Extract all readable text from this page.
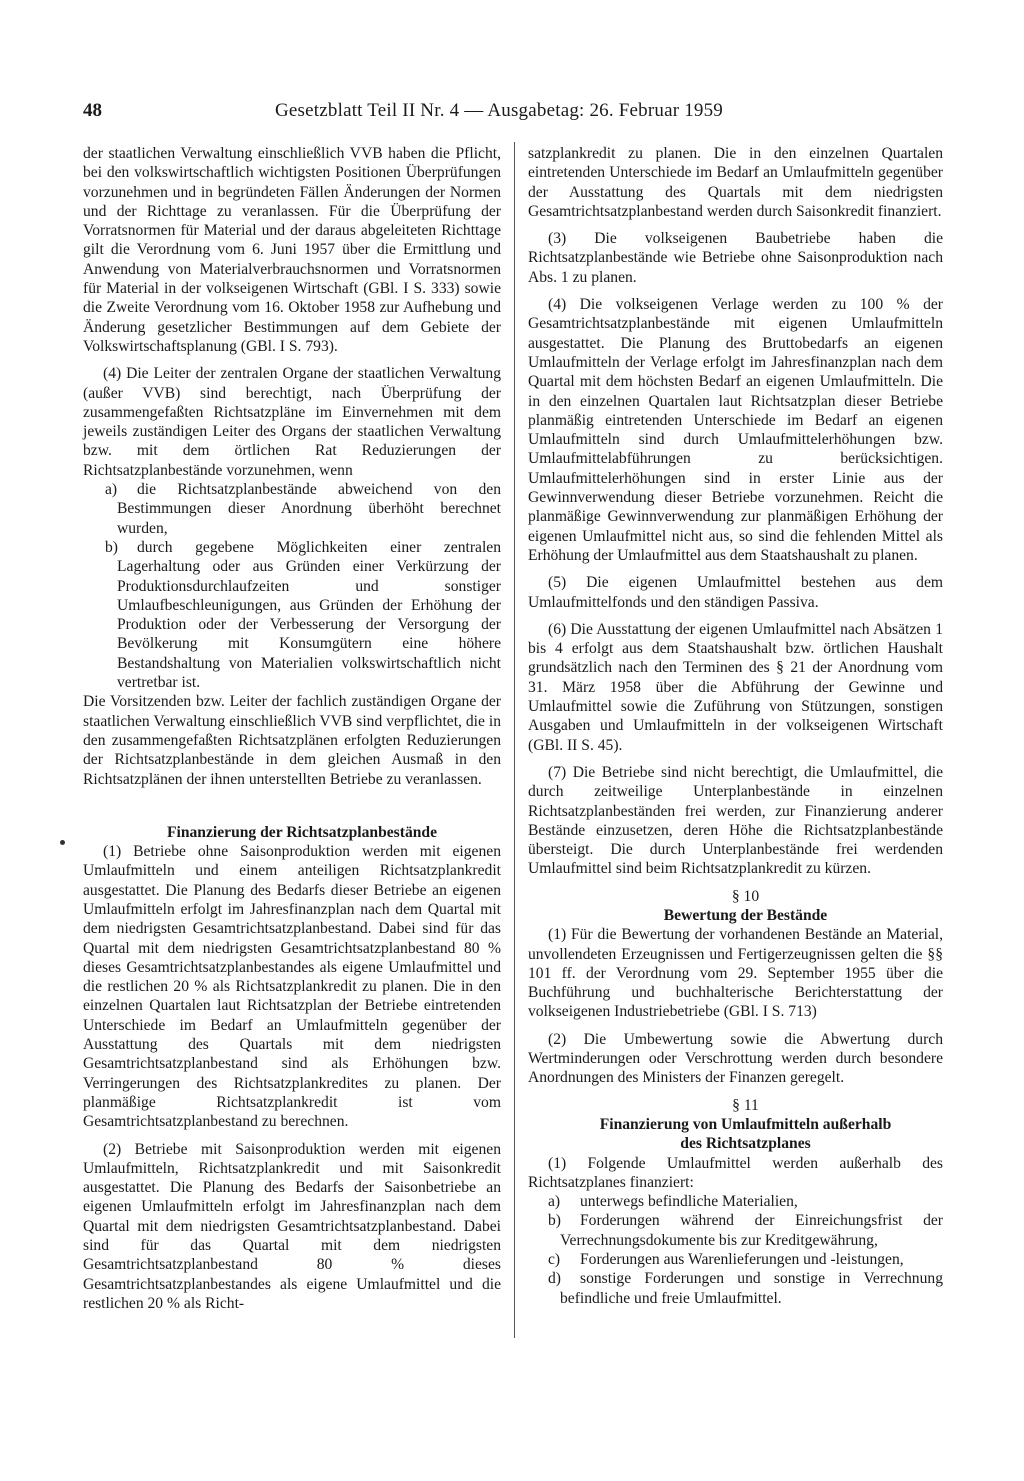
48	Gesetzblatt Teil II Nr. 4 — Ausgabetag: 26. Februar 1959

der staatlichen Verwaltung einschließlich VVB haben die Pflicht, bei den volkswirtschaftlich wichtigsten Positionen Überprüfungen vorzunehmen und in begründeten Fällen Änderungen der Normen und der Richttage zu veranlassen. Für die Überprüfung der Vorratsnormen für Material und der daraus abgeleiteten Richttage gilt die Verordnung vom 6. Juni 1957 über die Ermittlung und Anwendung von Materialverbrauchsnormen und Vorratsnormen für Material in der volkseigenen Wirtschaft (GBl. I S. 333) sowie die Zweite Verordnung vom 16. Oktober 1958 zur Aufhebung und Änderung gesetzlicher Bestimmungen auf dem Gebiete der Volkswirtschaftsplanung (GBl. I S. 793).

(4) Die Leiter der zentralen Organe der staatlichen Verwaltung (außer VVB) sind berechtigt, nach Überprüfung der zusammengefaßten Richtsatzpläne im Einvernehmen mit dem jeweils zuständigen Leiter des Organs der staatlichen Verwaltung bzw. mit dem örtlichen Rat Reduzierungen der Richtsatzplanbestände vorzunehmen, wenn

a) die Richtsatzplanbestände abweichend von den Bestimmungen dieser Anordnung überhöht berechnet wurden,

b) durch gegebene Möglichkeiten einer zentralen Lagerhaltung oder aus Gründen einer Verkürzung der Produktionsdurchlaufzeiten und sonstiger Umlaufbeschleunigungen, aus Gründen der Erhöhung der Produktion oder der Verbesserung der Versorgung der Bevölkerung mit Konsumgütern eine höhere Bestandshaltung von Materialien volkswirtschaftlich nicht vertretbar ist.

Die Vorsitzenden bzw. Leiter der fachlich zuständigen Organe der staatlichen Verwaltung einschließlich VVB sind verpflichtet, die in den zusammengefaßten Richtsatzplänen erfolgten Reduzierungen der Richtsatzplanbestände in dem gleichen Ausmaß in den Richtsatzplänen der ihnen unterstellten Betriebe zu veranlassen.

Finanzierung der Richtsatzplanbestände

(1) Betriebe ohne Saisonproduktion werden mit eigenen Umlaufmitteln und einem anteiligen Richtsatzplankredit ausgestattet. Die Planung des Bedarfs dieser Betriebe an eigenen Umlaufmitteln erfolgt im Jahresfinanzplan nach dem Quartal mit dem niedrigsten Gesamtrichtsatzplanbestand. Dabei sind für das Quartal mit dem niedrigsten Gesamtrichtsatzplanbestand 80 % dieses Gesamtrichtsatzplanbestandes als eigene Umlaufmittel und die restlichen 20 % als Richtsatzplankredit zu planen. Die in den einzelnen Quartalen laut Richtsatzplan der Betriebe eintretenden Unterschiede im Bedarf an Umlaufmitteln gegenüber der Ausstattung des Quartals mit dem niedrigsten Gesamtrichtsatzplanbestand sind als Erhöhungen bzw. Verringerungen des Richtsatzplankredites zu planen. Der planmäßige Richtsatzplankredit ist vom Gesamtrichtsatzplanbestand zu berechnen.

(2) Betriebe mit Saisonproduktion werden mit eigenen Umlaufmitteln, Richtsatzplankredit und mit Saisonkredit ausgestattet. Die Planung des Bedarfs der Saisonbetriebe an eigenen Umlaufmitteln erfolgt im Jahresfinanzplan nach dem Quartal mit dem niedrigsten Gesamtrichtsatzplanbestand. Dabei sind für das Quartal mit dem niedrigsten Gesamtrichtsatzplanbestand 80 % dieses Gesamtrichtsatzplanbestandes als eigene Umlaufmittel und die restlichen 20 % als Richt-

satzplankredit zu planen. Die in den einzelnen Quartalen eintretenden Unterschiede im Bedarf an Umlaufmitteln gegenüber der Ausstattung des Quartals mit dem niedrigsten Gesamtrichtsatzplanbestand werden durch Saisonkredit finanziert.

(3) Die volkseigenen Baubetriebe haben die Richtsatzplanbestände wie Betriebe ohne Saisonproduktion nach Abs. 1 zu planen.

(4) Die volkseigenen Verlage werden zu 100 % der Gesamtrichtsatzplanbestände mit eigenen Umlaufmitteln ausgestattet. Die Planung des Bruttobedarfs an eigenen Umlaufmitteln der Verlage erfolgt im Jahresfinanzplan nach dem Quartal mit dem höchsten Bedarf an eigenen Umlaufmitteln. Die in den einzelnen Quartalen laut Richtsatzplan dieser Betriebe planmäßig eintretenden Unterschiede im Bedarf an eigenen Umlaufmitteln sind durch Umlaufmittelerhöhungen bzw. Umlaufmittelabführungen zu berücksichtigen. Umlaufmittelerhöhungen sind in erster Linie aus der Gewinnverwendung dieser Betriebe vorzunehmen. Reicht die planmäßige Gewinnverwendung zur planmäßigen Erhöhung der eigenen Umlaufmittel nicht aus, so sind die fehlenden Mittel als Erhöhung der Umlaufmittel aus dem Staatshaushalt zu planen.

(5) Die eigenen Umlaufmittel bestehen aus dem Umlaufmittelfonds und den ständigen Passiva.

(6) Die Ausstattung der eigenen Umlaufmittel nach Absätzen 1 bis 4 erfolgt aus dem Staatshaushalt bzw. örtlichen Haushalt grundsätzlich nach den Terminen des § 21 der Anordnung vom 31. März 1958 über die Abführung der Gewinne und Umlaufmittel sowie die Zuführung von Stützungen, sonstigen Ausgaben und Umlaufmitteln in der volkseigenen Wirtschaft (GBl. II S. 45).

(7) Die Betriebe sind nicht berechtigt, die Umlaufmittel, die durch zeitweilige Unterplanbestände in einzelnen Richtsatzplanbeständen frei werden, zur Finanzierung anderer Bestände einzusetzen, deren Höhe die Richtsatzplanbestände übersteigt. Die durch Unterplanbestände frei werdenden Umlaufmittel sind beim Richtsatzplankredit zu kürzen.

§ 10

Bewertung der Bestände

(1) Für die Bewertung der vorhandenen Bestände an Material, unvollendeten Erzeugnissen und Fertigerzeugnissen gelten die §§ 101 ff. der Verordnung vom 29. September 1955 über die Buchführung und buchhalterische Berichterstattung der volkseigenen Industriebetriebe (GBl. I S. 713)

(2) Die Umbewertung sowie die Abwertung durch Wertminderungen oder Verschrottung werden durch besondere Anordnungen des Ministers der Finanzen geregelt.

§ 11

Finanzierung von Umlaufmitteln außerhalb

des Richtsatzplanes

(1) Folgende Umlaufmittel werden außerhalb des Richtsatzplanes finanziert:

a) unterwegs befindliche Materialien,

b) Forderungen während der Einreichungsfrist der Verrechnungsdokumente bis zur Kreditgewährung,

c) Forderungen aus Warenlieferungen und -leistungen,

d) sonstige Forderungen und sonstige in Verrechnung befindliche und freie Umlaufmittel.
